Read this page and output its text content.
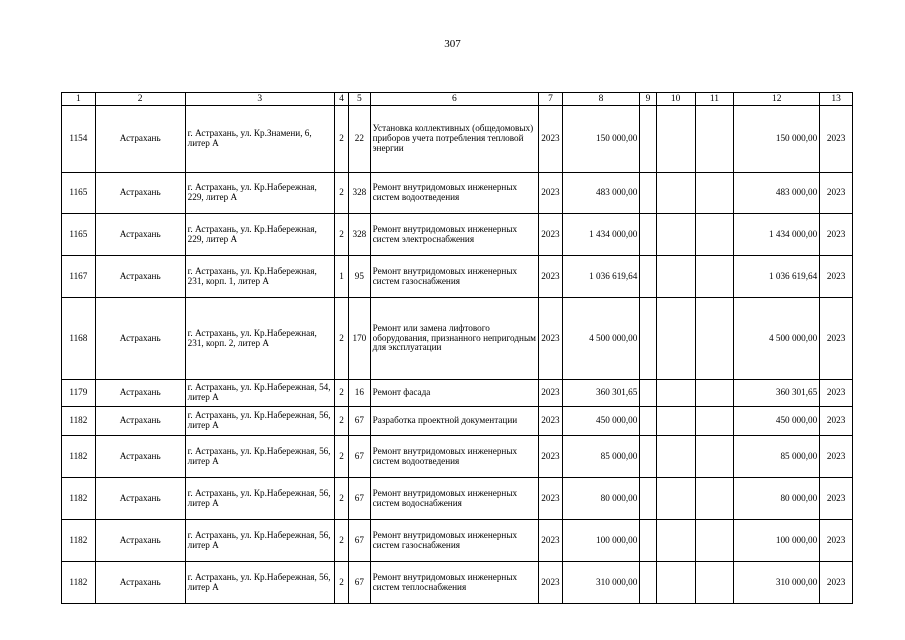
307
1	2	3	4	5	6	7	8	9	10	11	12	13
1154	Астрахань	г. Астрахань, ул. Кр.Знамени, 6, литер А	2	22	Установка коллективных (общедомовых) приборов учета потребления тепловой энергии	2023	150 000,00				150 000,00	2023
1165	Астрахань	г. Астрахань, ул. Кр.Набережная, 229, литер А	2	328	Ремонт внутридомовых инженерных систем водоотведения	2023	483 000,00				483 000,00	2023
1165	Астрахань	г. Астрахань, ул. Кр.Набережная, 229, литер А	2	328	Ремонт внутридомовых инженерных систем электроснабжения	2023	1 434 000,00				1 434 000,00	2023
1167	Астрахань	г. Астрахань, ул. Кр.Набережная, 231, корп. 1, литер А	1	95	Ремонт внутридомовых инженерных систем газоснабжения	2023	1 036 619,64				1 036 619,64	2023
1168	Астрахань	г. Астрахань, ул. Кр.Набережная, 231, корп. 2, литер А	2	170	Ремонт или замена лифтового оборудования, признанного непригодным для эксплуатации	2023	4 500 000,00				4 500 000,00	2023
1179	Астрахань	г. Астрахань, ул. Кр.Набережная, 54, литер А	2	16	Ремонт фасада	2023	360 301,65				360 301,65	2023
1182	Астрахань	г. Астрахань, ул. Кр.Набережная, 56, литер А	2	67	Разработка проектной документации	2023	450 000,00				450 000,00	2023
1182	Астрахань	г. Астрахань, ул. Кр.Набережная, 56, литер А	2	67	Ремонт внутридомовых инженерных систем водоотведения	2023	85 000,00				85 000,00	2023
1182	Астрахань	г. Астрахань, ул. Кр.Набережная, 56, литер А	2	67	Ремонт внутридомовых инженерных систем водоснабжения	2023	80 000,00				80 000,00	2023
1182	Астрахань	г. Астрахань, ул. Кр.Набережная, 56, литер А	2	67	Ремонт внутридомовых инженерных систем газоснабжения	2023	100 000,00				100 000,00	2023
1182	Астрахань	г. Астрахань, ул. Кр.Набережная, 56, литер А	2	67	Ремонт внутридомовых инженерных систем теплоснабжения	2023	310 000,00				310 000,00	2023
